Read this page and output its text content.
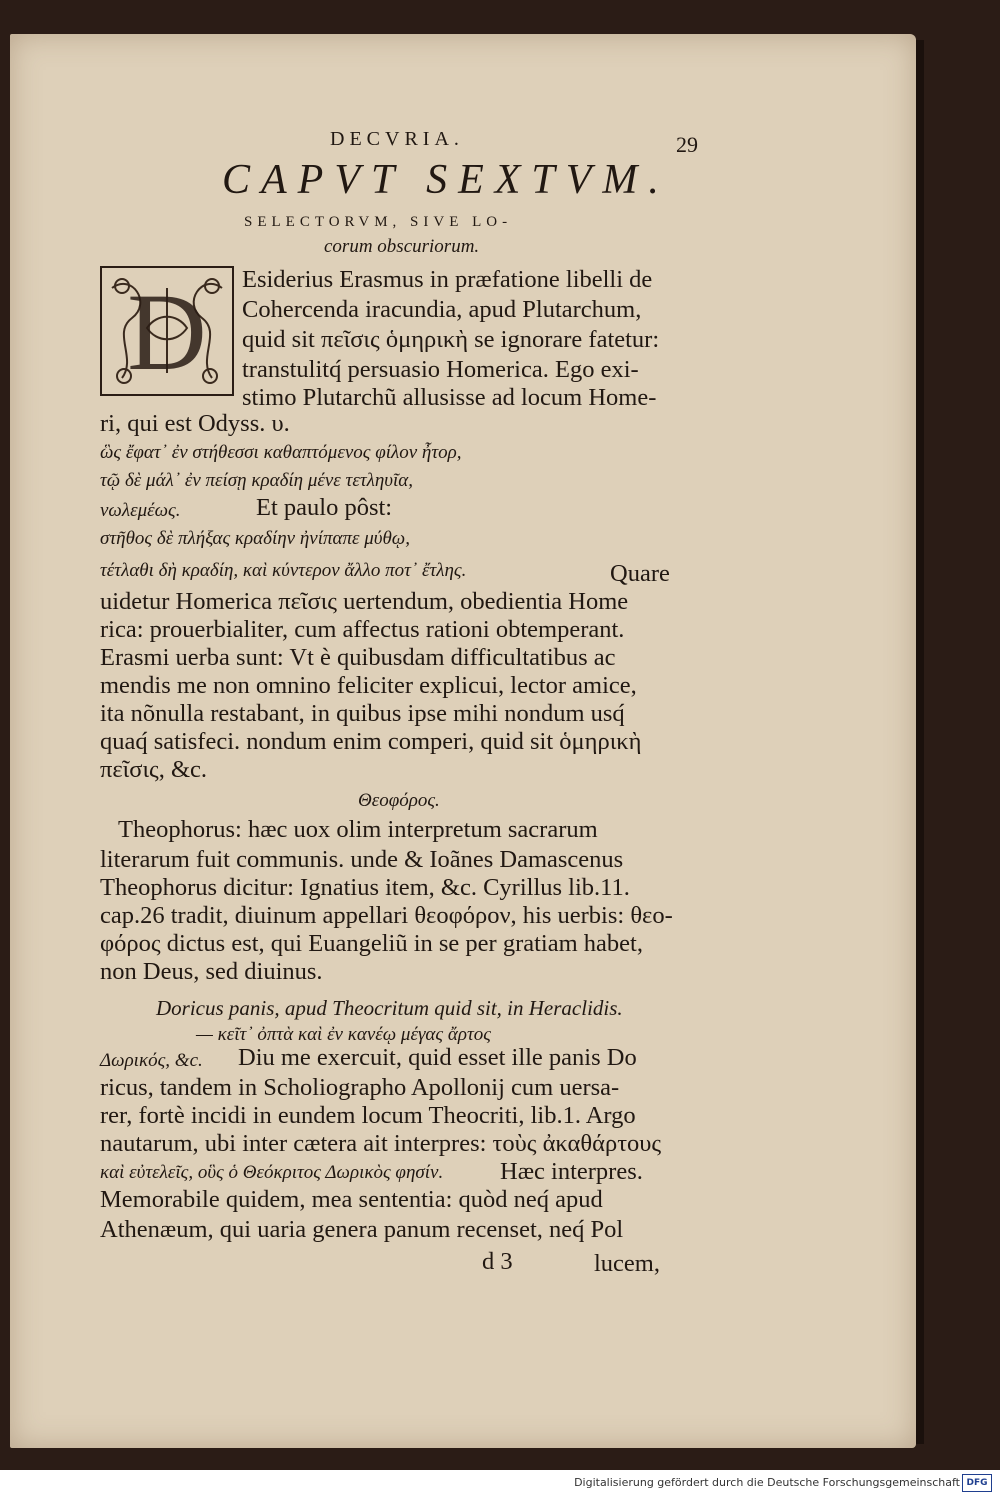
DECVRIA.	29
CAPVT SEXTVM.
SELECTORVM, SIVE LO-
corum obscuriorum.
D	Esiderius Erasmus in præfatione libelli de
Cohercenda iracundia, apud Plutarchum,
quid sit πεῖσις ὁμηρικὴ se ignorare fatetur:
transtulitq́ persuasio Homerica. Ego exi-
stimo Plutarchũ allusisse ad locum Home-
ri, qui est Odyss. υ.
ὣς ἔφατ᾽ ἐν στήθεσσι καθαπτόμενος φίλον ἦτορ,
τῷ δὲ μάλ᾽ ἐν πείσῃ κραδίη μένε τετληυῖα,
νωλεμέως.	Et paulo pôst:
στῆθος δὲ πλήξας κραδίην ἠνίπαπε μύθῳ,
τέτλαθι δὴ κραδίη, καὶ κύντερον ἄλλο ποτ᾽ ἔτλης.	Quare
uidetur Homerica πεῖσις uertendum, obedientia Home
rica: prouerbialiter, cum affectus rationi obtemperant.
Erasmi uerba sunt: Vt è quibusdam difficultatibus ac
mendis me non omnino feliciter explicui, lector amice,
ita nõnulla restabant, in quibus ipse mihi nondum usq́
quaq́ satisfeci. nondum enim comperi, quid sit ὁμηρικὴ
πεῖσις, &c.
Θεοφόρος.
Theophorus: hæc uox olim interpretum sacrarum
literarum fuit communis. unde & Ioãnes Damascenus
Theophorus dicitur: Ignatius item, &c. Cyrillus lib.11.
cap.26 tradit, diuinum appellari θεοφόρον, his uerbis: θεο-
φόρος dictus est, qui Euangeliũ in se per gratiam habet,
non Deus, sed diuinus.
Doricus panis, apud Theocritum quid sit, in Heraclidis.
— κεῖτ᾽ ὀπτὰ καὶ ἐν κανέῳ μέγας ἄρτος
Δωρικός, &c. Diu me exercuit, quid esset ille panis Do
ricus, tandem in Scholiographo Apollonij cum uersa-
rer, fortè incidi in eundem locum Theocriti, lib.1. Argo
nautarum, ubi inter cætera ait interpres: τοὺς ἀκαθάρτους
καὶ εὐτελεῖς, οὓς ὁ Θεόκριτος Δωρικὸς φησίν. Hæc interpres.
Memorabile quidem, mea sententia: quòd neq́ apud
Athenæum, qui uaria genera panum recenset, neq́ Pol
d 3	lucem,
Digitalisierung gefördert durch die Deutsche Forschungsgemeinschaft DFG
